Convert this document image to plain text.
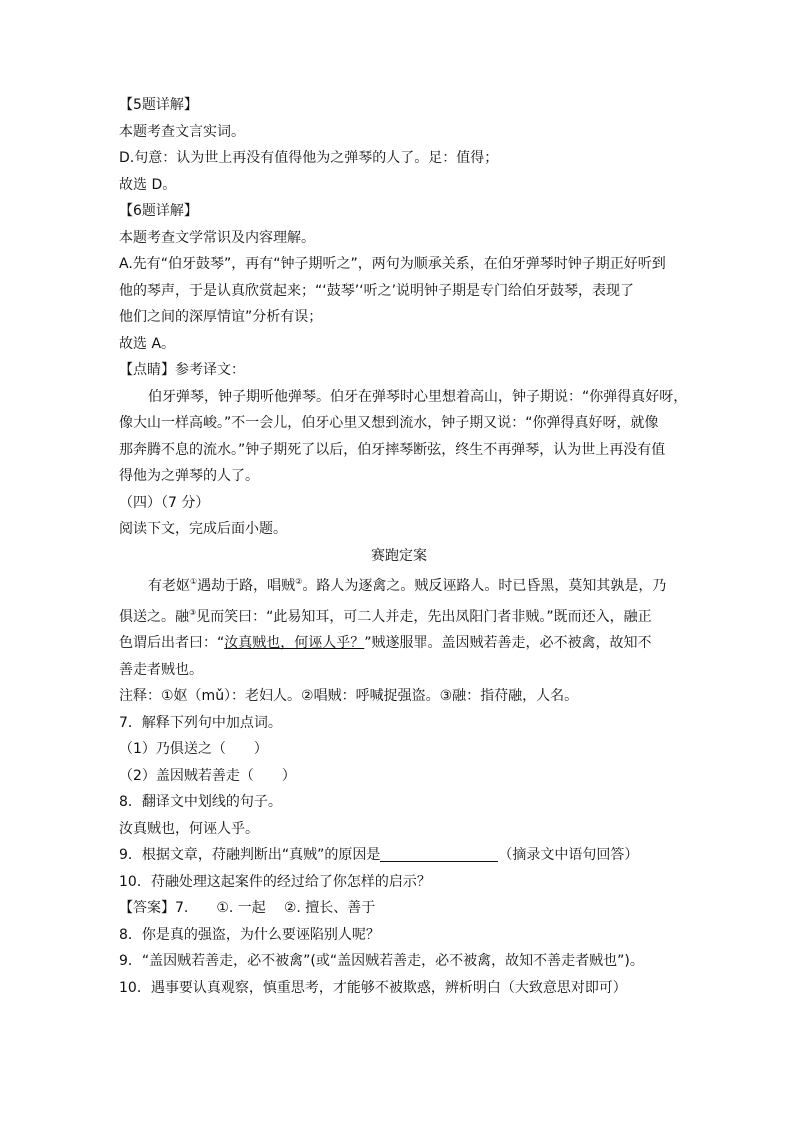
【5题详解】
本题考查文言实词。
D.句意：认为世上再没有值得他为之弹琴的人了。足：值得；
故选 D。
【6题详解】
本题考查文学常识及内容理解。
A.先有“伯牙鼓琴”，再有“钟子期听之”，两句为顺承关系，在伯牙弹琴时钟子期正好听到
他的琴声，于是认真欣赏起来；“‘鼓琴’‘听之’说明钟子期是专门给伯牙鼓琴，表现了
他们之间的深厚情谊”分析有误；
故选 A。
【点睛】参考译文：
伯牙弹琴，钟子期听他弹琴。伯牙在弹琴时心里想着高山，钟子期说：“你弹得真好呀，
像大山一样高峻。”不一会儿，伯牙心里又想到流水，钟子期又说：“你弹得真好呀，就像
那奔腾不息的流水。”钟子期死了以后，伯牙摔琴断弦，终生不再弹琴，认为世上再没有值
得他为之弹琴的人了。
（四）（7 分）
阅读下文，完成后面小题。
赛跑定案
有老妪①遇劫于路，唱贼②。路人为逐禽之。贼反诬路人。时已昏黑，莫知其孰是，乃
俱送之。融③见而笑曰：“此易知耳，可二人并走，先出凤阳门者非贼。”既而还入，融正
色谓后出者曰：“汝真贼也，何诬人乎？”贼遂服罪。盖因贼若善走，必不被禽，故知不
善走者贼也。
注释：①妪（mǔ）：老妇人。②唱贼：呼喊捉强盗。③融：指苻融，人名。
7．解释下列句中加点词。
（1）乃俱送之（　　）
（2）盖因贼若善走（　　）
8．翻译文中划线的句子。
汝真贼也，何诬人乎。
9．根据文章，苻融判断出“真贼”的原因是	（摘录文中语句回答）
10．苻融处理这起案件的经过给了你怎样的启示？
【答案】7. ①. 一起 ②. 擅长、善于
8．你是真的强盗，为什么要诬陷别人呢？
9．“盖因贼若善走，必不被禽”(或“盖因贼若善走，必不被禽，故知不善走者贼也”)。
10．遇事要认真观察，慎重思考，才能够不被欺惑，辨析明白（大致意思对即可）
